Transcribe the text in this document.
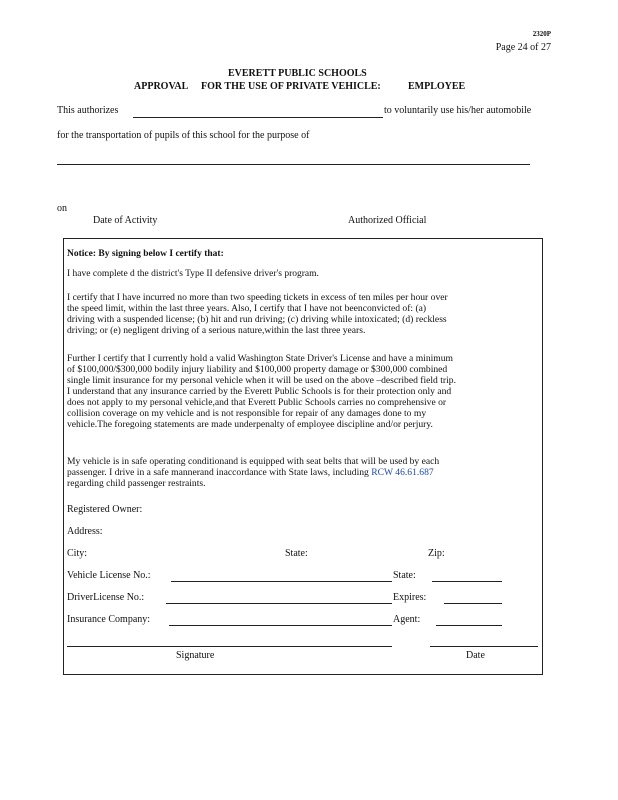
2320P
Page 24 of 27
EVERETT PUBLIC SCHOOLS
APPROVAL FOR THE USE OF PRIVATE VEHICLE:	EMPLOYEE
This authorizes	to voluntarily use his/her automobile
for the transportation of pupils of this school for the purpose of
on
Date of Activity	Authorized Official
Notice: By signing below I certify that:
I have complete d the district's Type II defensive driver's program.
I certify that I have incurred no more than two speeding tickets in excess of ten miles per hour over
the speed limit, within the last three years. Also, I certify that I have not beenconvicted of: (a)
driving with a suspended license; (b) hit and run driving; (c) driving while intoxicated; (d) reckless
driving; or (e) negligent driving of a serious nature,within the last three years.
Further I certify that I currently hold a valid Washington State Driver's License and have a minimum
of $100,000/$300,000 bodily injury liability and $100,000 property damage or $300,000 combined
single limit insurance for my personal vehicle when it will be used on the above –described field trip.
I understand that any insurance carried by the Everett Public Schools is for their protection only and
does not apply to my personal vehicle,and that Everett Public Schools carries no comprehensive or
collision coverage on my vehicle and is not responsible for repair of any damages done to my
vehicle.The foregoing statements are made underpenalty of employee discipline and/or perjury.
My vehicle is in safe operating conditionand is equipped with seat belts that will be used by each
passenger. I drive in a safe mannerand inaccordance with State laws, including RCW 46.61.687
regarding child passenger restraints.
Registered Owner:
Address:
City:	State:	Zip:
Vehicle License No.:	State:
DriverLicense No.:	Expires:
Insurance Company:	Agent:
Signature	Date
